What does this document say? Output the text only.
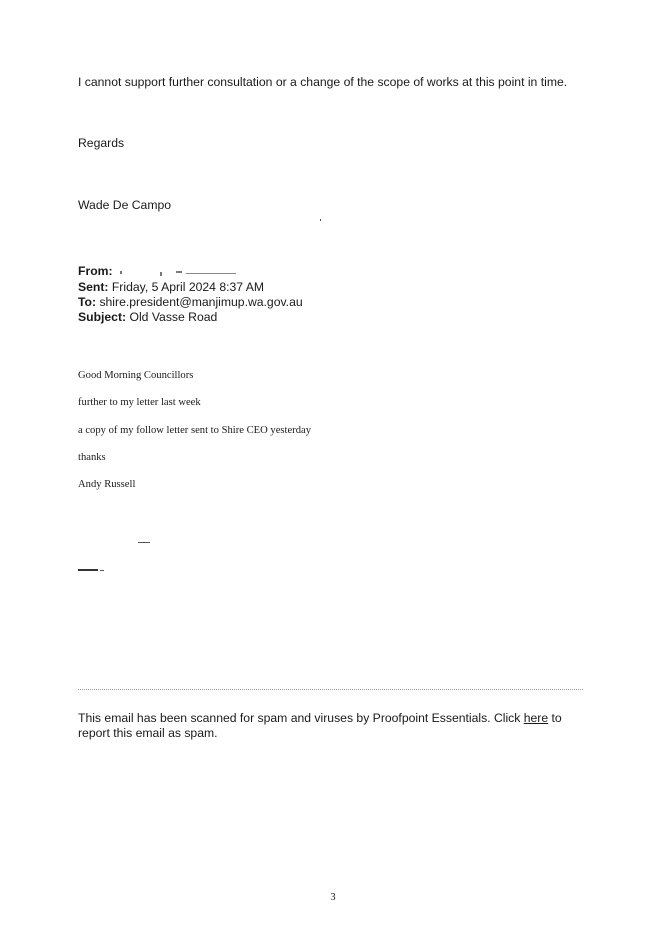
I cannot support further consultation or a change of the scope of works at this point in time.
Regards
Wade De Campo
From:
Sent: Friday, 5 April 2024 8:37 AM
To: shire.president@manjimup.wa.gov.au
Subject: Old Vasse Road
Good Morning Councillors
further to my letter last week
a copy of my follow letter sent to Shire CEO yesterday
thanks
Andy Russell
This email has been scanned for spam and viruses by Proofpoint Essentials. Click here to report this email as spam.
3
